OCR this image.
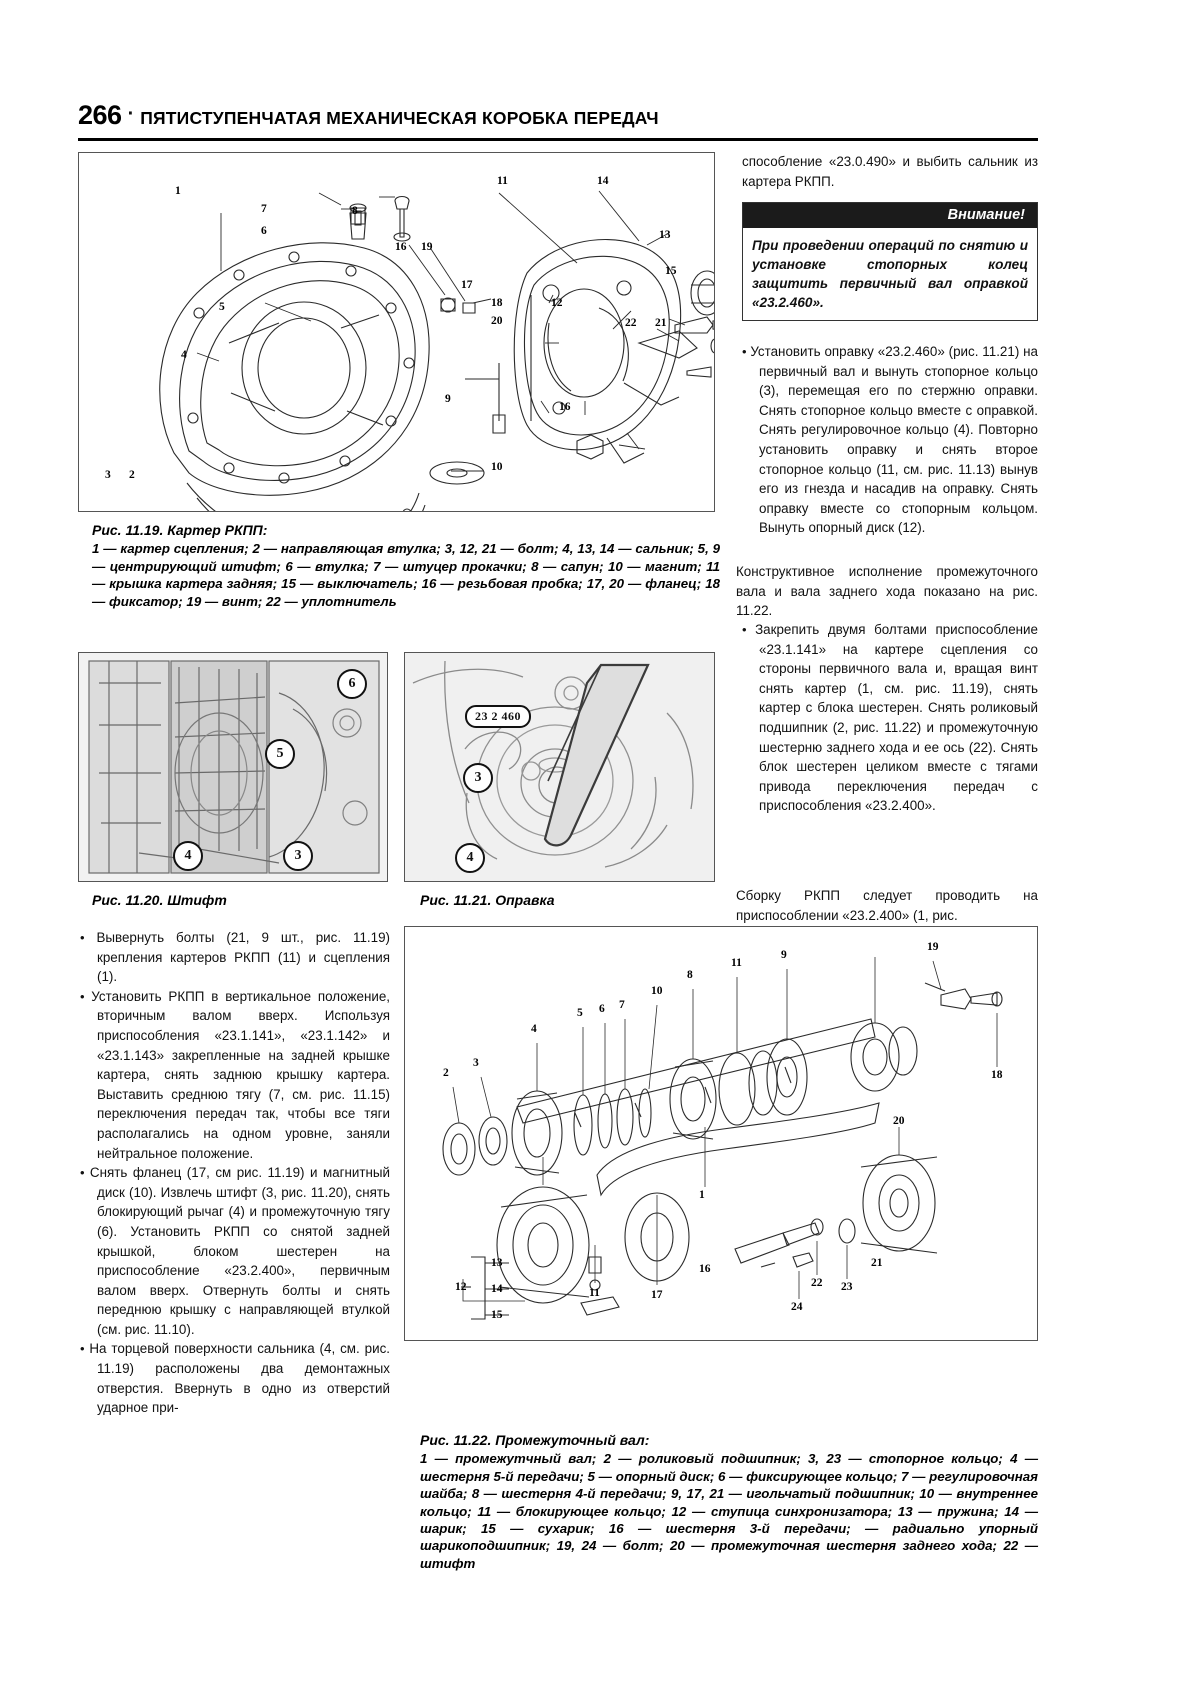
266 · ПЯТИСТУПЕНЧАТАЯ МЕХАНИЧЕСКАЯ КОРОБКА ПЕРЕДАЧ
1
7	8
6
5
4
3 2
10
11	14
13
15
16 19
17
18
20
12
9
22 21
16
Рис. 11.19. Картер РКПП:
1 — картер сцепления; 2 — направляющая втулка; 3, 12, 21 — болт; 4, 13, 14 — сальник; 5, 9 — центрирующий штифт; 6 — втулка; 7 — штуцер прокачки; 8 — сапун; 10 — магнит; 11 — крышка картера задняя; 15 — выключатель; 16 — резьбовая пробка; 17, 20 — фланец; 18 — фиксатор; 19 — винт; 22 — уплотнитель
6
5
4	3
Рис. 11.20. Штифт
23 2 460
3
4
Рис. 11.21. Оправка

• Вывернуть болты (21, 9 шт., рис. 11.19) крепления картеров РКПП (11) и сцепления (1).

• Установить РКПП в вертикальное положение, вторичным валом вверх. Используя приспособления «23.1.141», «23.1.142» и «23.1.143» закрепленные на задней крышке картера, снять заднюю крышку картера. Выставить среднюю тягу (7, см. рис. 11.15) переключения передач так, чтобы все тяги располагались на одном уровне, заняли нейтральное положение.

• Снять фланец (17, см рис. 11.19) и магнитный диск (10). Извлечь штифт (3, рис. 11.20), снять блокирующий рычаг (4) и промежуточную тягу (6). Установить РКПП со снятой задней крышкой, блоком шестерен на приспособление «23.2.400», первичным валом вверх. Отвернуть болты и снять переднюю крышку с направляющей втулкой (см. рис. 11.10).

• На торцевой поверхности сальника (4, см. рис. 11.19) расположены два демонтажных отверстия. Ввернуть в одно из отверстий ударное при-

способление «23.0.490» и выбить сальник из картера РКПП.
Внимание!
При проведении операций по снятию и установке стопорных колец защитить первичный вал оправкой «23.2.460».

• Установить оправку «23.2.460» (рис. 11.21) на первичный вал и вынуть стопорное кольцо (3), перемещая его по стержню оправки. Снять стопорное кольцо вместе с оправкой. Снять регулировочное кольцо (4). Повторно установить оправку и снять второе стопорное кольцо (11, см. рис. 11.13) вынув его из гнезда и насадив на оправку. Снять оправку вместе со стопорным кольцом. Вынуть опорный диск (12).

Конструктивное исполнение промежуточного вала и вала заднего хода показано на рис. 11.22.

• Закрепить двумя болтами приспособление «23.1.141» на картере сцепления со стороны первичного вала и, вращая винт снять картер (1, см. рис. 11.19), снять картер с блока шестерен. Снять роликовый подшипник (2, рис. 11.22) и промежуточную шестерню заднего хода и ее ось (22). Снять блок шестерен целиком вместе с тягами привода переключения передач с приспособления «23.2.400».

Сборку РКПП следует проводить на приспособлении «23.2.400» (1, рис.
2
3
4
5 6 7
10
8
11
9
19
18
1
12
13
14
15
11	17
16
20
22 23
21
24
Рис. 11.22. Промежуточный вал:
1 — промежутчный вал; 2 — роликовый подшипник; 3, 23 — стопорное кольцо; 4 — шестерня 5-й передачи; 5 — опорный диск; 6 — фиксирующее кольцо; 7 — регулировочная шайба; 8 — шестерня 4-й передачи; 9, 17, 21 — игольчатый подшипник; 10 — внутреннее кольцо; 11 — блокирующее кольцо; 12 — ступица синхронизатора; 13 — пружина; 14 — шарик; 15 — сухарик; 16 — шестерня 3-й передачи; — радиально упорный шарикоподшипник; 19, 24 — болт; 20 — промежуточная шестерня заднего хода; 22 — штифт
